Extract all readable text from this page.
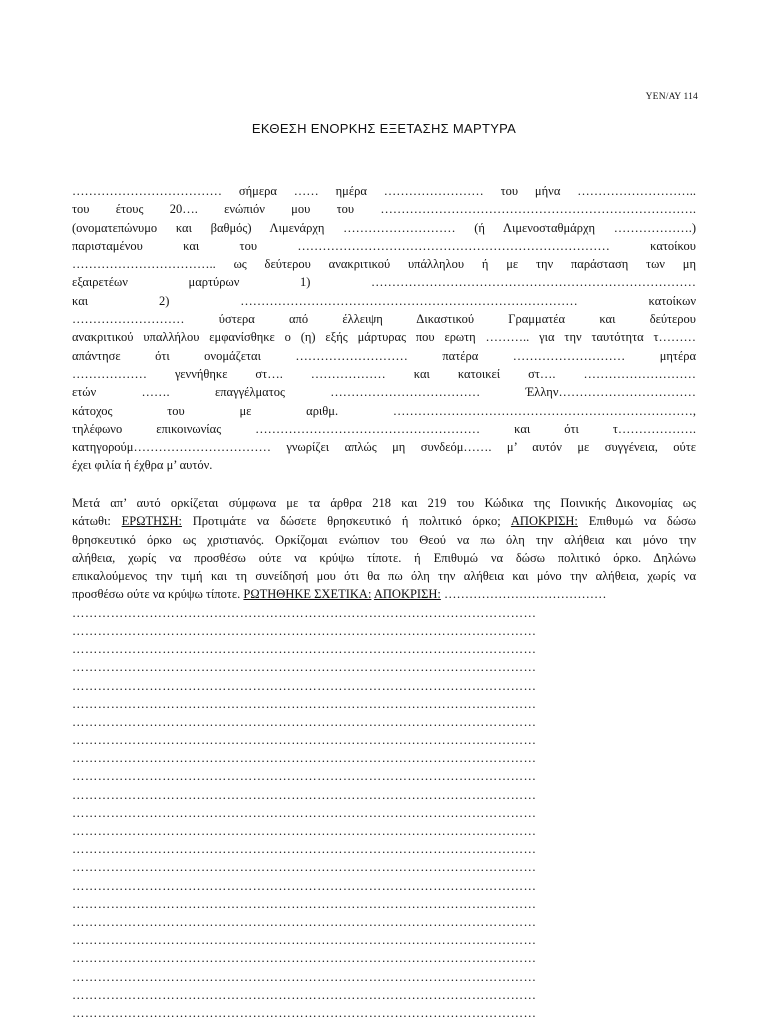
ΥΕΝ/ΑΥ 114
ΕΚΘΕΣΗ ΕΝΟΡΚΗΣ ΕΞΕΤΑΣΗΣ ΜΑΡΤΥΡΑ
……………………………… σήμερα …… ημέρα …………………… του μήνα ………………………..
του έτους 20…. ενώπιόν μου του ………………………………………………………………….
(ονοματεπώνυμο και βαθμός) Λιμενάρχη ……………………… (ή Λιμενοσταθμάρχη ……………….)
παρισταμένου και του ………………………………………………………………… κατοίκου
…………………………….. ως δεύτερου ανακριτικού υπάλληλου ή με την παράσταση των μη
εξαιρετέων μαρτύρων 1) ……………………………………………………………………
και 2) ……………………………………………………………………… κατοίκων
……………………… ύστερα από έλλειψη Δικαστικού Γραμματέα και δεύτερου
ανακριτικού υπαλλήλου εμφανίσθηκε ο (η) εξής μάρτυρας που ερωτη ……….. για την ταυτότητα τ………
απάντησε ότι ονομάζεται ……………………… πατέρα ……………………… μητέρα
……………… γεννήθηκε στ…. ……………… και κατοικεί στ…. ………………………
ετών ……. επαγγέλματος ……………………………… Έλλην……………………………
κάτοχος του με αριθμ. ………………………………………………………………,
τηλέφωνο επικοινωνίας ……………………………………………… και ότι τ……………….
κατηγορούμ…………………………… γνωρίζει απλώς μη συνδεόμ……. μ’ αυτόν με συγγένεια, ούτε
έχει φιλία ή έχθρα μ’ αυτόν.
Μετά απ’ αυτό ορκίζεται σύμφωνα με τα άρθρα 218 και 219 του Κώδικα της Ποινικής Δικονομίας ως
κάτωθι: ΕΡΩΤΗΣΗ: Προτιμάτε να δώσετε θρησκευτικό ή πολιτικό όρκο; ΑΠΟΚΡΙΣΗ: Επιθυμώ να δώσω
θρησκευτικό όρκο ως χριστιανός. Ορκίζομαι ενώπιον του Θεού να πω όλη την αλήθεια και μόνο την
αλήθεια, χωρίς να προσθέσω ούτε να κρύψω τίποτε. ή Επιθυμώ να δώσω πολιτικό όρκο. Δηλώνω
επικαλούμενος την τιμή και τη συνείδησή μου ότι θα πω όλη την αλήθεια και μόνο την αλήθεια, χωρίς να
προσθέσω ούτε να κρύψω τίποτε. ΡΩΤΗΘΗΚΕ ΣΧΕΤΙΚΑ: ΑΠΟΚΡΙΣΗ: …………………………………
………………………………………………………………………………………………
………………………………………………………………………………………………
………………………………………………………………………………………………
………………………………………………………………………………………………
………………………………………………………………………………………………
………………………………………………………………………………………………
………………………………………………………………………………………………
………………………………………………………………………………………………
………………………………………………………………………………………………
………………………………………………………………………………………………
………………………………………………………………………………………………
………………………………………………………………………………………………
………………………………………………………………………………………………
………………………………………………………………………………………………
………………………………………………………………………………………………
………………………………………………………………………………………………
………………………………………………………………………………………………
………………………………………………………………………………………………
………………………………………………………………………………………………
………………………………………………………………………………………………
………………………………………………………………………………………………
………………………………………………………………………………………………
………………………………………………………………………………………………
